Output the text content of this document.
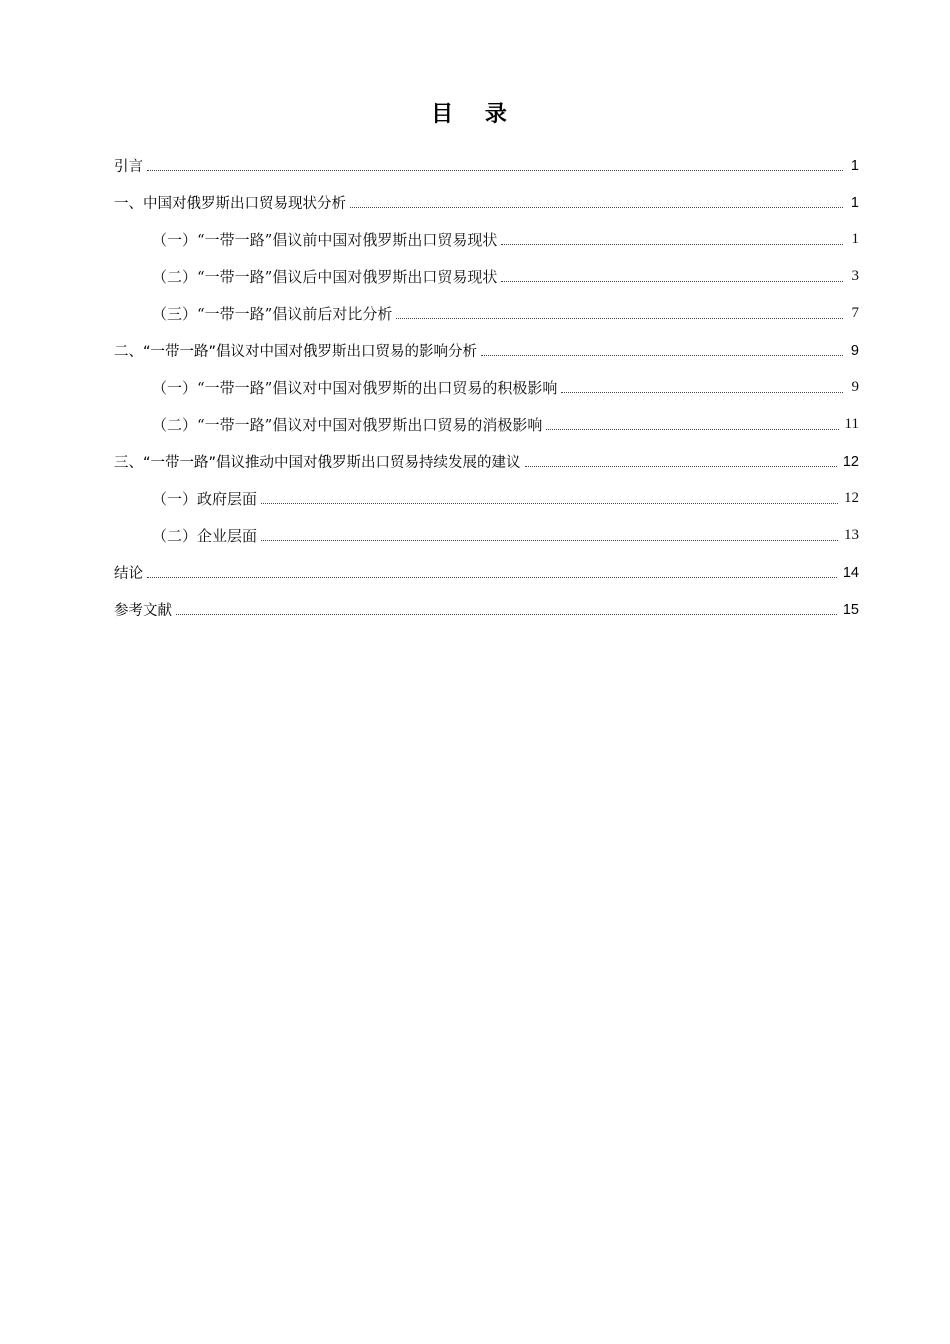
目 录
引言	1
一、中国对俄罗斯出口贸易现状分析	1
（一）“一带一路”倡议前中国对俄罗斯出口贸易现状	1
（二）“一带一路”倡议后中国对俄罗斯出口贸易现状	3
（三）“一带一路”倡议前后对比分析	7
二、“一带一路”倡议对中国对俄罗斯出口贸易的影响分析	9
（一）“一带一路”倡议对中国对俄罗斯的出口贸易的积极影响	9
（二）“一带一路”倡议对中国对俄罗斯出口贸易的消极影响	11
三、“一带一路”倡议推动中国对俄罗斯出口贸易持续发展的建议	12
（一）政府层面	12
（二）企业层面	13
结论	14
参考文献	15
